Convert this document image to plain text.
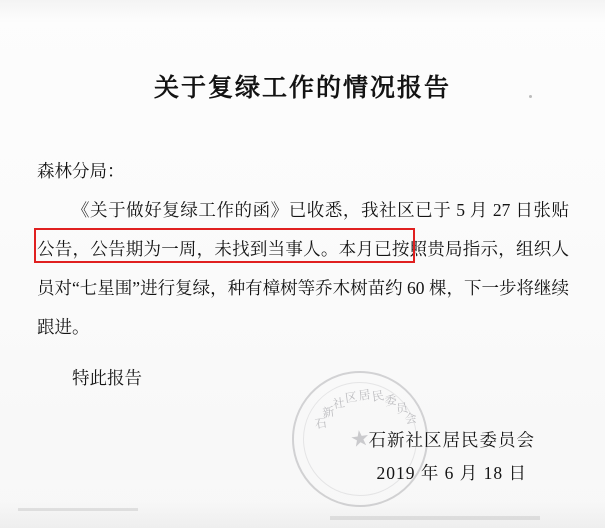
关于复绿工作的情况报告

森林分局：

《关于做好复绿工作的函》已收悉，我社区已于 5 月 27 日张贴公告，公告期为一周，未找到当事人。本月已按照贵局指示，组织人员对“七星围”进行复绿，种有樟树等乔木树苗约 60 棵，下一步将继续跟进。

特此报告

石
新
社
区
居
民
委
员
会
★
石新社区居民委员会
2019 年 6 月 18 日
